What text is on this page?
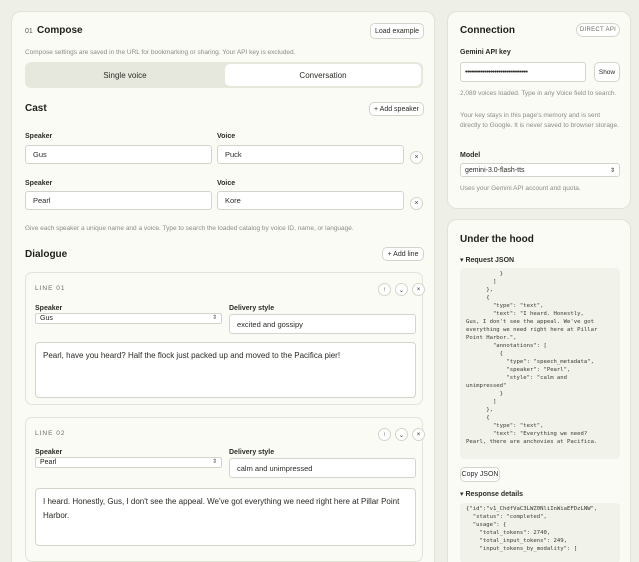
01 Compose	Load example
Compose settings are saved in the URL for bookmarking or sharing. Your API key is excluded.
Single voice	Conversation
Cast	+ Add speaker
Speaker	Voice
Gus	Puck	×
Speaker	Voice
Pearl	Kore	×
Give each speaker a unique name and a voice. Type to search the loaded catalog by voice ID, name, or language.
Dialogue	+ Add line
LINE 01	↑	⌄	×
Speaker	Delivery style
Gus	⇕
excited and gossipy
Pearl, have you heard? Half the flock just packed up and moved to the Pacifica pier!
LINE 02	↑	⌄	×
Speaker	Delivery style
Pearl	⇕
calm and unimpressed
I heard. Honestly, Gus, I don't see the appeal. We've got everything we need right here at Pillar Point Harbor.
Connection	DIRECT API
Gemini API key
••••••••••••••••••••••••••••••••	Show
2,089 voices loaded. Type in any Voice field to search.
Your key stays in this page's memory and is sent directly to Google. It is never saved to browser storage.
Model
gemini-3.0-flash-tts	⇕
Uses your Gemini API account and quota.
Under the hood
▾ Request JSON
}
]
},
{
"type": "text",
"text": "I heard. Honestly,
Gus, I don't see the appeal. We've got
everything we need right here at Pillar
Point Harbor.",
"annotations": [
{
"type": "speech_metadata",
"speaker": "Pearl",
"style": "calm and
unimpressed"
}
]
},
{
"type": "text",
"text": "Everything we need?
Pearl, there are anchovies at Pacifica.
Copy JSON
▾ Response details
{"id":"v1_ChdfVaC3LWZ0NliInWiaEFDzLNW",
"status": "completed",
"usage": {
"total_tokens": 2740,
"total_input_tokens": 249,
"input_tokens_by_modality": [
